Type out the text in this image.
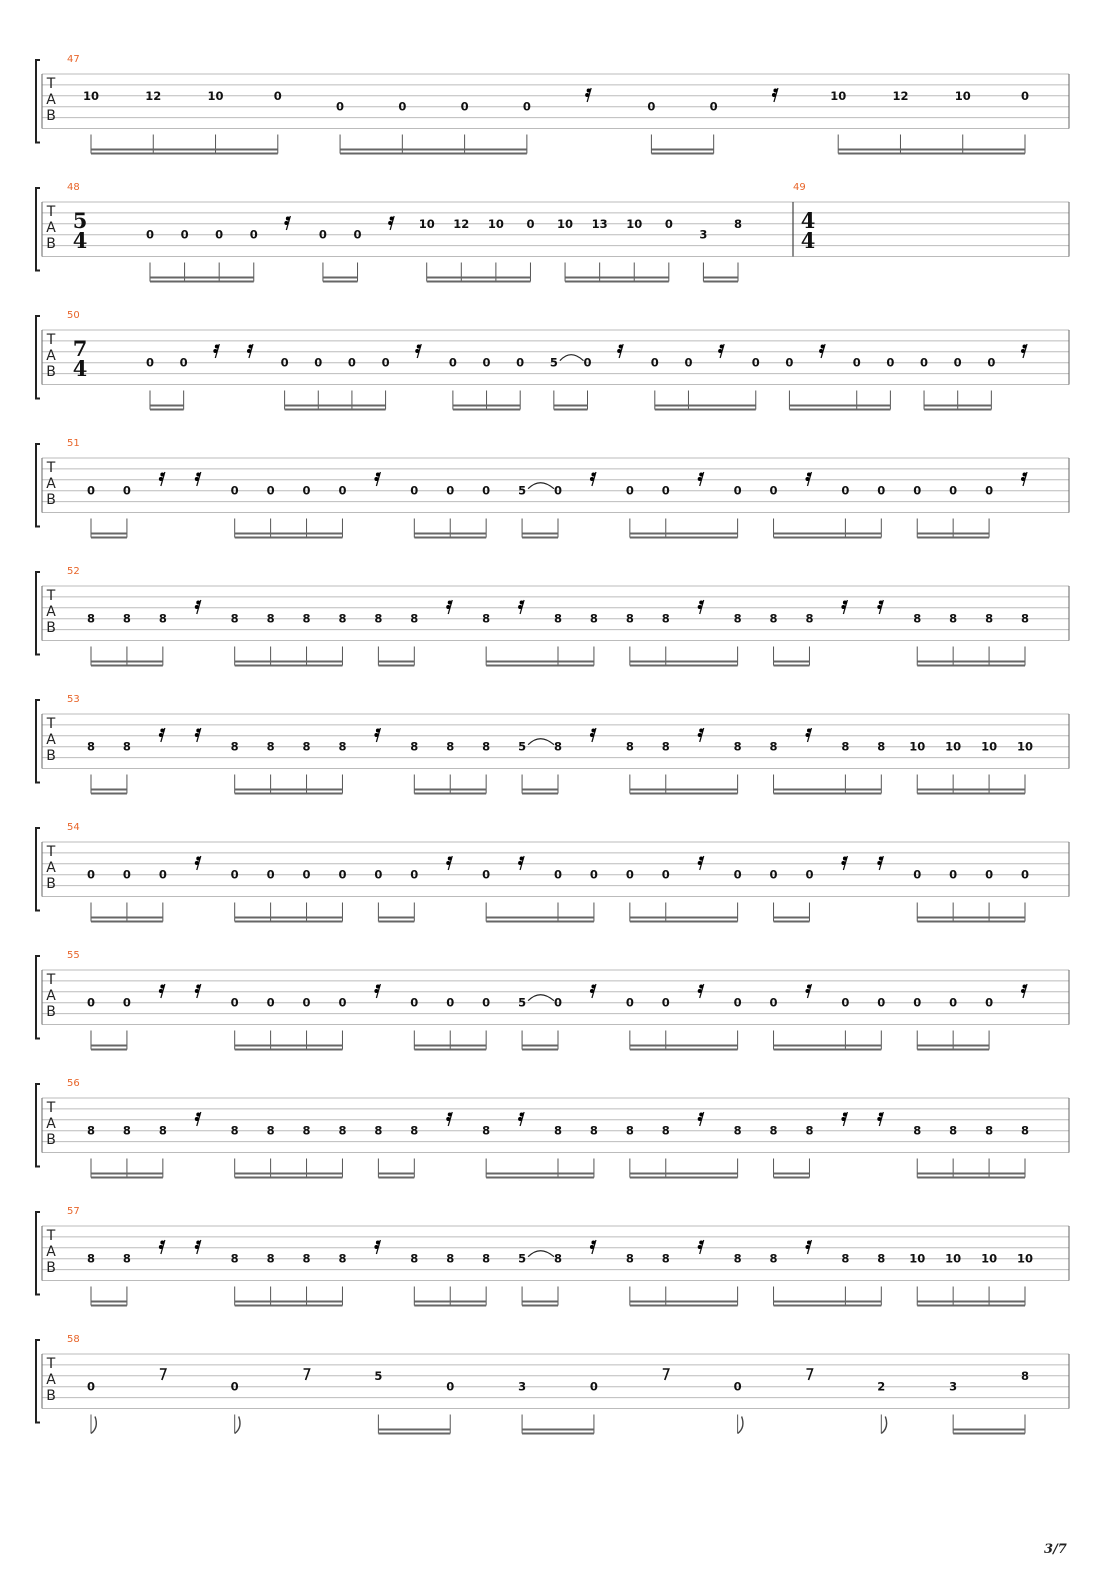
T
A
B
47
10	12	10	0
0	0	0	0	0	0
10	12	10	0
T
A
B
48
5
4	0 0 0 0	0 0
10 12 10 0 10 13 10 0
3
8
49
4
4
T
A
B
50
7
4	0 0	0 0 0 0	0 0 0 5 0	0 0	0 0	0 0 0 0 0
T
A
B
51
0 0	0 0 0 0	0 0 0 5 0	0 0	0 0	0 0 0 0 0
T
A
B
52
8 8 8	8 8 8 8 8 8	8	8 8 8 8	8 8 8	8 8 8 8
T
A
B
53
8 8	8 8 8 8	8 8 8 5 8	8 8	8 8	8 8 10 10 10 10
T
A
B
54
0 0 0	0 0 0 0 0 0	0	0 0 0 0	0 0 0	0 0 0 0
T
A
B
55
0 0	0 0 0 0	0 0 0 5 0	0 0	0 0	0 0 0 0 0
T
A
B
56
8 8 8	8 8 8 8 8 8	8	8 8 8 8	8 8 8	8 8 8 8
T
A
B
57
8 8	8 8 8 8	8 8 8 5 8	8 8	8 8	8 8 10 10 10 10
T
A
B
58
0	0
5
0	3	0	0	2	3
8
3/7
